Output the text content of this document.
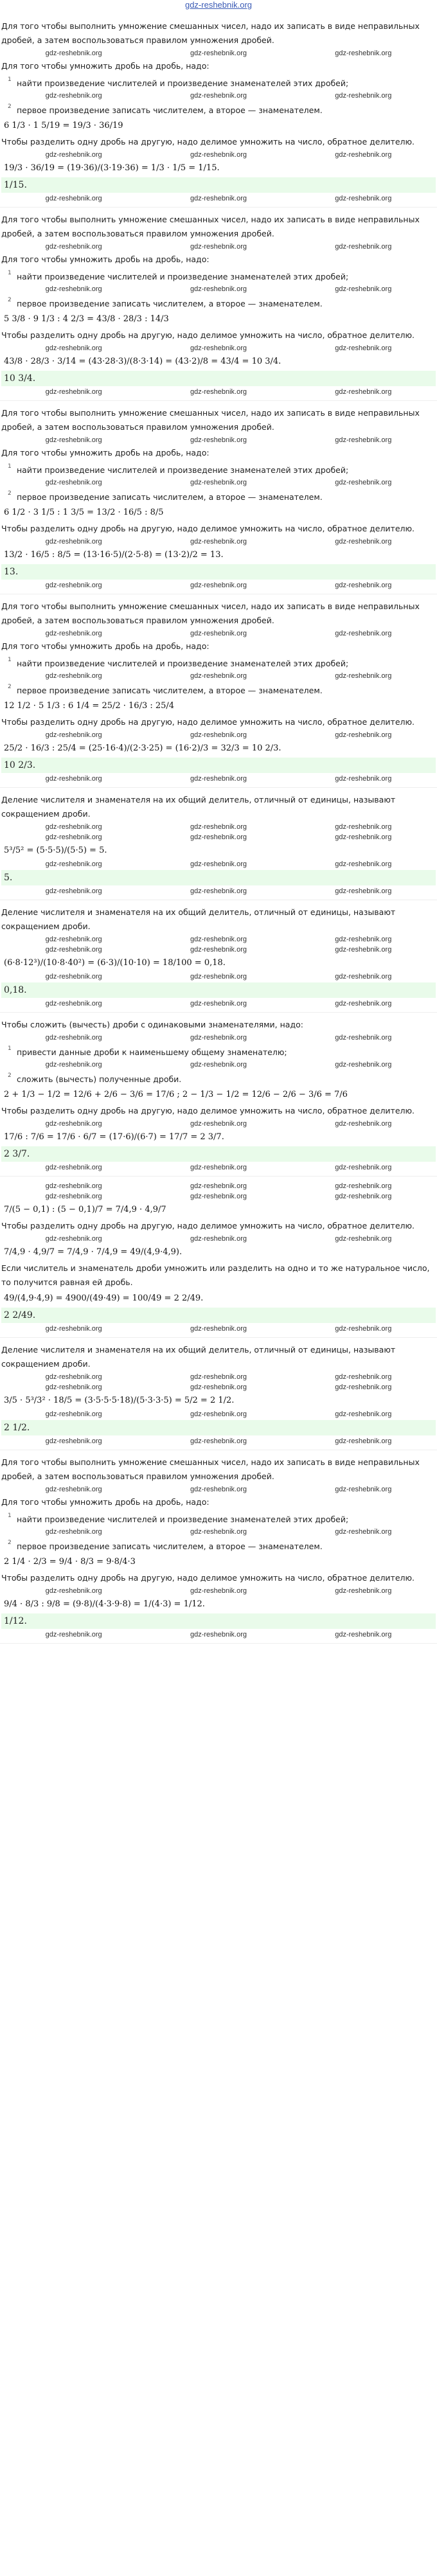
gdz-reshebnik.org
Для того чтобы выполнить умножение смешанных чисел, надо их записать в виде неправильных дробей, а затем воспользоваться правилом умножения дробей.
gdz-reshebnik.org	gdz-reshebnik.org	gdz-reshebnik.org
Для того чтобы умножить дробь на дробь, надо:
1 найти произведение числителей и произведение знаменателей этих дробей;
gdz-reshebnik.org	gdz-reshebnik.org	gdz-reshebnik.org
2 первое произведение записать числителем, а второе — знаменателем.
6 1/3 · 1 5/19 = 19/3 · 36/19
Чтобы разделить одну дробь на другую, надо делимое умножить на число, обратное делителю.
gdz-reshebnik.org	gdz-reshebnik.org	gdz-reshebnik.org
19/3 · 36/19 = (19·36)/(3·19·36) = 1/3 · 1/5 = 1/15.
1/15.
gdz-reshebnik.org	gdz-reshebnik.org	gdz-reshebnik.org
Для того чтобы выполнить умножение смешанных чисел, надо их записать в виде неправильных дробей, а затем воспользоваться правилом умножения дробей.
gdz-reshebnik.org	gdz-reshebnik.org	gdz-reshebnik.org
Для того чтобы умножить дробь на дробь, надо:
1 найти произведение числителей и произведение знаменателей этих дробей;
gdz-reshebnik.org	gdz-reshebnik.org	gdz-reshebnik.org
2 первое произведение записать числителем, а второе — знаменателем.
5 3/8 · 9 1/3 : 4 2/3 = 43/8 · 28/3 : 14/3
Чтобы разделить одну дробь на другую, надо делимое умножить на число, обратное делителю.
gdz-reshebnik.org	gdz-reshebnik.org	gdz-reshebnik.org
43/8 · 28/3 · 3/14 = (43·28·3)/(8·3·14) = (43·2)/8 = 43/4 = 10 3/4.
10 3/4.
gdz-reshebnik.org	gdz-reshebnik.org	gdz-reshebnik.org
Для того чтобы выполнить умножение смешанных чисел, надо их записать в виде неправильных дробей, а затем воспользоваться правилом умножения дробей.
gdz-reshebnik.org	gdz-reshebnik.org	gdz-reshebnik.org
Для того чтобы умножить дробь на дробь, надо:
1 найти произведение числителей и произведение знаменателей этих дробей;
gdz-reshebnik.org	gdz-reshebnik.org	gdz-reshebnik.org
2 первое произведение записать числителем, а второе — знаменателем.
6 1/2 · 3 1/5 : 1 3/5 = 13/2 · 16/5 : 8/5
Чтобы разделить одну дробь на другую, надо делимое умножить на число, обратное делителю.
gdz-reshebnik.org	gdz-reshebnik.org	gdz-reshebnik.org
13/2 · 16/5 : 8/5 = (13·16·5)/(2·5·8) = (13·2)/2 = 13.
13.
gdz-reshebnik.org	gdz-reshebnik.org	gdz-reshebnik.org
Для того чтобы выполнить умножение смешанных чисел, надо их записать в виде неправильных дробей, а затем воспользоваться правилом умножения дробей.
gdz-reshebnik.org	gdz-reshebnik.org	gdz-reshebnik.org
Для того чтобы умножить дробь на дробь, надо:
1 найти произведение числителей и произведение знаменателей этих дробей;
gdz-reshebnik.org	gdz-reshebnik.org	gdz-reshebnik.org
2 первое произведение записать числителем, а второе — знаменателем.
12 1/2 · 5 1/3 : 6 1/4 = 25/2 · 16/3 : 25/4
Чтобы разделить одну дробь на другую, надо делимое умножить на число, обратное делителю.
gdz-reshebnik.org	gdz-reshebnik.org	gdz-reshebnik.org
25/2 · 16/3 : 25/4 = (25·16·4)/(2·3·25) = (16·2)/3 = 32/3 = 10 2/3.
10 2/3.
gdz-reshebnik.org	gdz-reshebnik.org	gdz-reshebnik.org
Деление числителя и знаменателя на их общий делитель, отличный от единицы, называют сокращением дроби.
gdz-reshebnik.org	gdz-reshebnik.org	gdz-reshebnik.org
gdz-reshebnik.org	gdz-reshebnik.org	gdz-reshebnik.org
5³/5² = (5·5·5)/(5·5) = 5.
gdz-reshebnik.org	gdz-reshebnik.org	gdz-reshebnik.org
5.
gdz-reshebnik.org	gdz-reshebnik.org	gdz-reshebnik.org
Деление числителя и знаменателя на их общий делитель, отличный от единицы, называют сокращением дроби.
gdz-reshebnik.org	gdz-reshebnik.org	gdz-reshebnik.org
gdz-reshebnik.org	gdz-reshebnik.org	gdz-reshebnik.org
(6·8·12³)/(10·8·40²) = (6·3)/(10·10) = 18/100 = 0,18.
gdz-reshebnik.org	gdz-reshebnik.org	gdz-reshebnik.org
0,18.
gdz-reshebnik.org	gdz-reshebnik.org	gdz-reshebnik.org
Чтобы сложить (вычесть) дроби с одинаковыми знаменателями, надо:
gdz-reshebnik.org	gdz-reshebnik.org	gdz-reshebnik.org
1 привести данные дроби к наименьшему общему знаменателю;
gdz-reshebnik.org	gdz-reshebnik.org	gdz-reshebnik.org
2 сложить (вычесть) полученные дроби.
2 + 1/3 − 1/2 = 12/6 + 2/6 − 3/6 = 17/6 ; 2 − 1/3 − 1/2 = 12/6 − 2/6 − 3/6 = 7/6
Чтобы разделить одну дробь на другую, надо делимое умножить на число, обратное делителю.
gdz-reshebnik.org	gdz-reshebnik.org	gdz-reshebnik.org
17/6 : 7/6 = 17/6 · 6/7 = (17·6)/(6·7) = 17/7 = 2 3/7.
2 3/7.
gdz-reshebnik.org	gdz-reshebnik.org	gdz-reshebnik.org
gdz-reshebnik.org	gdz-reshebnik.org	gdz-reshebnik.org
gdz-reshebnik.org	gdz-reshebnik.org	gdz-reshebnik.org
7/(5 − 0,1) : (5 − 0,1)/7 = 7/4,9 · 4,9/7
Чтобы разделить одну дробь на другую, надо делимое умножить на число, обратное делителю.
gdz-reshebnik.org	gdz-reshebnik.org	gdz-reshebnik.org
7/4,9 · 4,9/7 = 7/4,9 · 7/4,9 = 49/(4,9·4,9).
Если числитель и знаменатель дроби умножить или разделить на одно и то же натуральное число, то получится равная ей дробь.
49/(4,9·4,9) = 4900/(49·49) = 100/49 = 2 2/49.
2 2/49.
gdz-reshebnik.org	gdz-reshebnik.org	gdz-reshebnik.org
Деление числителя и знаменателя на их общий делитель, отличный от единицы, называют сокращением дроби.
gdz-reshebnik.org	gdz-reshebnik.org	gdz-reshebnik.org
gdz-reshebnik.org	gdz-reshebnik.org	gdz-reshebnik.org
3/5 · 5³/3² · 18/5 = (3·5·5·5·18)/(5·3·3·5) = 5/2 = 2 1/2.
gdz-reshebnik.org	gdz-reshebnik.org	gdz-reshebnik.org
2 1/2.
gdz-reshebnik.org	gdz-reshebnik.org	gdz-reshebnik.org
Для того чтобы выполнить умножение смешанных чисел, надо их записать в виде неправильных дробей, а затем воспользоваться правилом умножения дробей.
gdz-reshebnik.org	gdz-reshebnik.org	gdz-reshebnik.org
Для того чтобы умножить дробь на дробь, надо:
1 найти произведение числителей и произведение знаменателей этих дробей;
gdz-reshebnik.org	gdz-reshebnik.org	gdz-reshebnik.org
2 первое произведение записать числителем, а второе — знаменателем.
2 1/4 · 2/3 = 9/4 · 8/3 = 9·8/4·3
Чтобы разделить одну дробь на другую, надо делимое умножить на число, обратное делителю.
gdz-reshebnik.org	gdz-reshebnik.org	gdz-reshebnik.org
9/4 · 8/3 : 9/8 = (9·8)/(4·3·9·8) = 1/(4·3) = 1/12.
1/12.
gdz-reshebnik.org	gdz-reshebnik.org	gdz-reshebnik.org
